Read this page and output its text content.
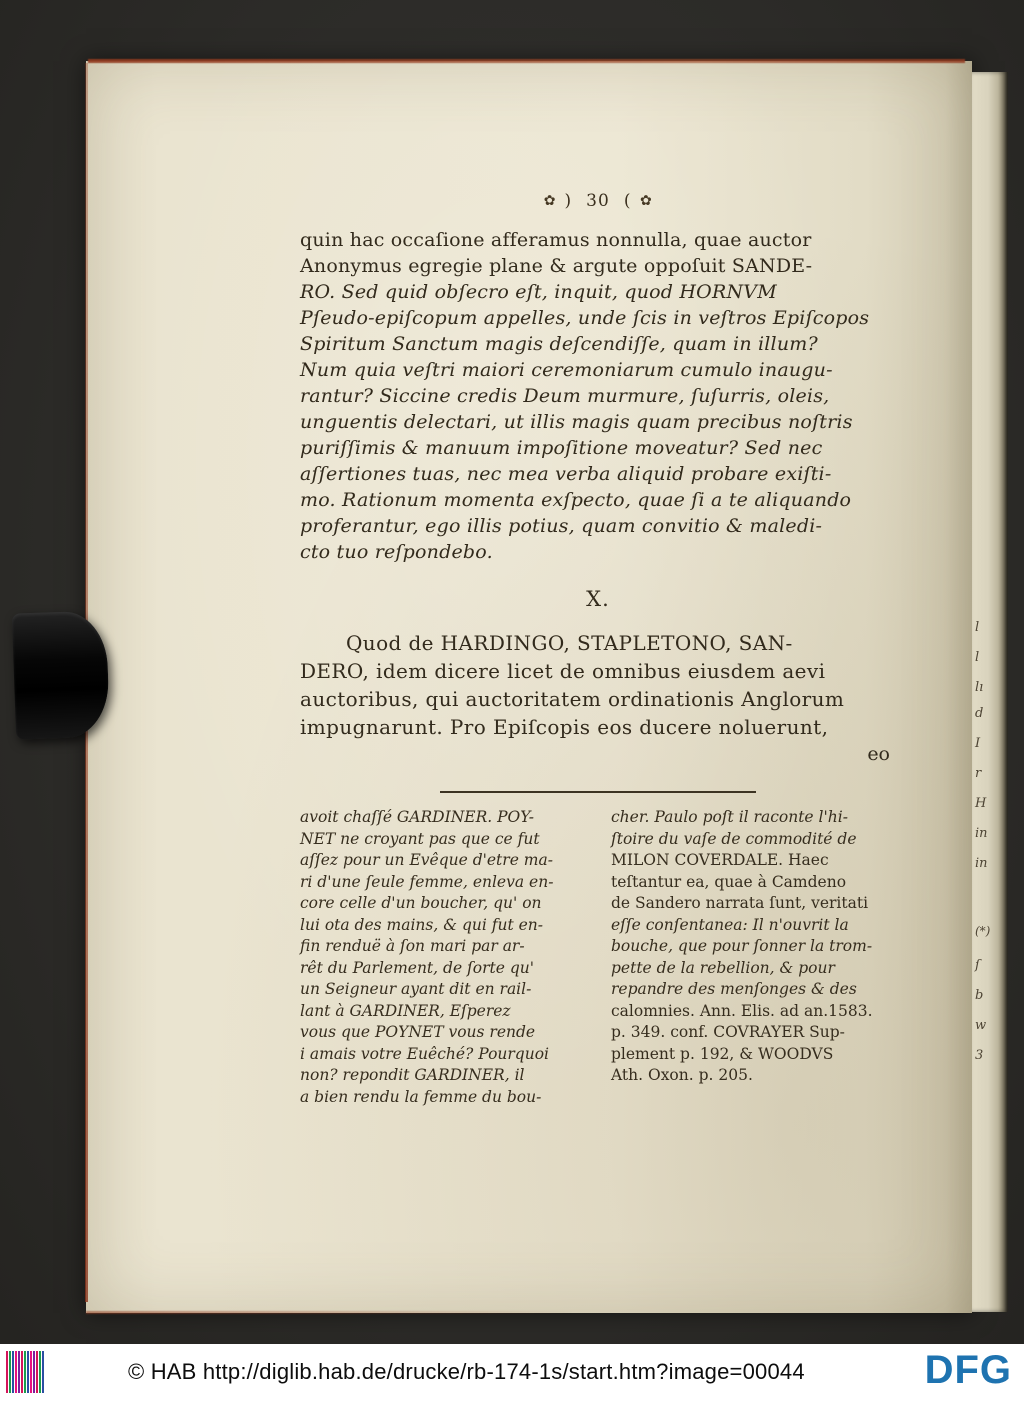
✿ ) 30 ( ✿
quin hac occaſione afferamus nonnulla, quae auctor
Anonymus egregie plane & argute oppoſuit SANDE-
RO. Sed quid obſecro eſt, inquit, quod HORNVM
Pſeudo-epiſcopum appelles, unde ſcis in veſtros Epiſcopos
Spiritum Sanctum magis deſcendiſſe, quam in illum?
Num quia veſtri maiori ceremoniarum cumulo inaugu-
rantur? Siccine credis Deum murmure, ſuſurris, oleis,
unguentis delectari, ut illis magis quam precibus noſtris
puriſſimis & manuum impoſitione moveatur? Sed nec
aſſertiones tuas, nec mea verba aliquid probare exiſti-
mo. Rationum momenta exſpecto, quae ſi a te aliquando
proferantur, ego illis potius, quam convitio & maledi-
cto tuo reſpondebo.
X.
Quod de HARDINGO, STAPLETONO, SAN-
DERO, idem dicere licet de omnibus eiusdem aevi
auctoribus, qui auctoritatem ordinationis Anglorum
impugnarunt. Pro Epiſcopis eos ducere noluerunt,
eo
avoit chaſſé GARDINER. POY-
NET ne croyant pas que ce fut
aſſez pour un Evêque d'etre ma-
ri d'une ſeule femme, enleva en-
core celle d'un boucher, qu' on
lui ota des mains, & qui fut en-
fin renduë à ſon mari par ar-
rêt du Parlement, de ſorte qu'
un Seigneur ayant dit en rail-
lant à GARDINER, Eſperez
vous que POYNET vous rende
i amais votre Euêché? Pourquoi
non? repondit GARDINER, il
a bien rendu la femme du bou-
cher. Paulo poſt il raconte l'hi-
ſtoire du vaſe de commodité de
MILON COVERDALE. Haec
teſtantur ea, quae à Camdeno
de Sandero narrata ſunt, veritati
eſſe conſentanea: Il n'ouvrit la
bouche, que pour ſonner la trom-
pette de la rebellion, & pour
repandre des menſonges & des
calomnies. Ann. Elis. ad an.1583.
p. 349. conf. COVRAYER Sup-
plement p. 192, & WOODVS
Ath. Oxon. p. 205.
l
l
lı
d
I
r
H
in
in
(*)
ſ
b
w
3
© HAB http://diglib.hab.de/drucke/rb-174-1s/start.htm?image=00044	DFG
